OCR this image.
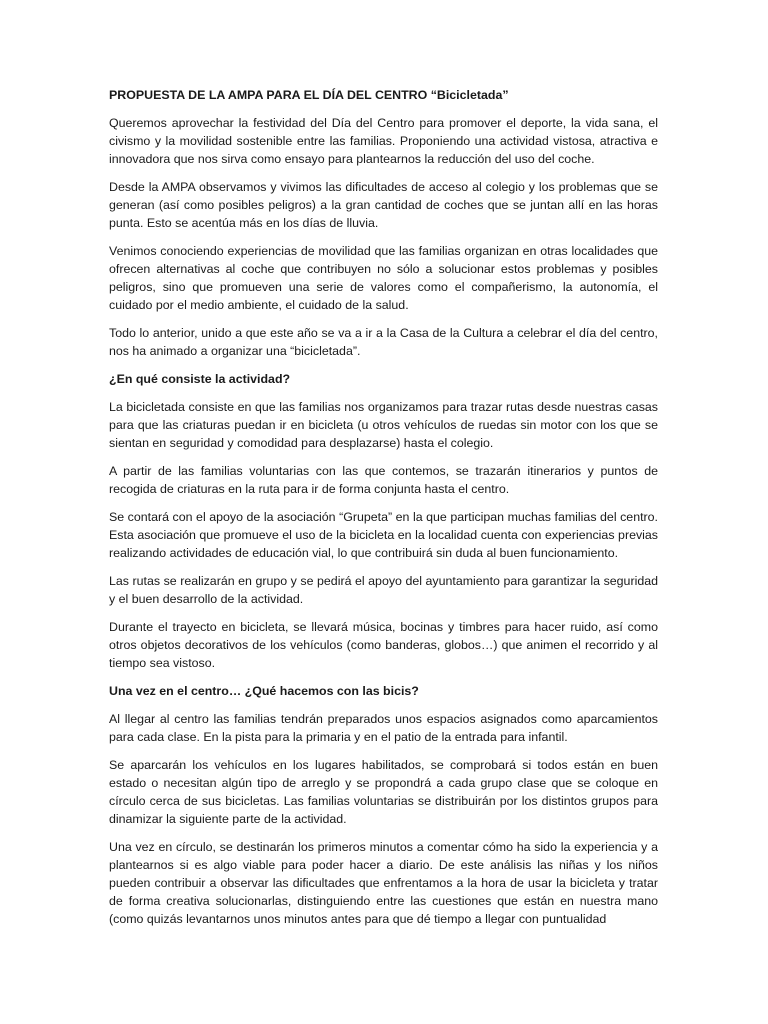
PROPUESTA DE LA AMPA PARA EL DÍA DEL CENTRO “Bicicletada”

Queremos aprovechar la festividad del Día del Centro para promover el deporte, la vida sana, el civismo y la movilidad sostenible entre las familias. Proponiendo una actividad vistosa, atractiva e innovadora que nos sirva como ensayo para plantearnos la reducción del uso del coche.

Desde la AMPA observamos y vivimos las dificultades de acceso al colegio y los problemas que se generan (así como posibles peligros) a la gran cantidad de coches que se juntan allí en las horas punta. Esto se acentúa más en los días de lluvia.

Venimos conociendo experiencias de movilidad que las familias organizan en otras localidades que ofrecen alternativas al coche que contribuyen no sólo a solucionar estos problemas y posibles peligros, sino que promueven una serie de valores como el compañerismo, la autonomía, el cuidado por el medio ambiente, el cuidado de la salud.

Todo lo anterior, unido a que este año se va a ir a la Casa de la Cultura a celebrar el día del centro, nos ha animado a organizar una “bicicletada”.

¿En qué consiste la actividad?

La bicicletada consiste en que las familias nos organizamos para trazar rutas desde nuestras casas para que las criaturas puedan ir en bicicleta (u otros vehículos de ruedas sin motor con los que se sientan en seguridad y comodidad para desplazarse) hasta el colegio.

A partir de las familias voluntarias con las que contemos, se trazarán itinerarios y puntos de recogida de criaturas en la ruta para ir de forma conjunta hasta el centro.

Se contará con el apoyo de la asociación “Grupeta” en la que participan muchas familias del centro. Esta asociación que promueve el uso de la bicicleta en la localidad cuenta con experiencias previas realizando actividades de educación vial, lo que contribuirá sin duda al buen funcionamiento.

Las rutas se realizarán en grupo y se pedirá el apoyo del ayuntamiento para garantizar la seguridad y el buen desarrollo de la actividad.

Durante el trayecto en bicicleta, se llevará música, bocinas y timbres para hacer ruido, así como otros objetos decorativos de los vehículos (como banderas, globos…) que animen el recorrido y al tiempo sea vistoso.

Una vez en el centro… ¿Qué hacemos con las bicis?

Al llegar al centro las familias tendrán preparados unos espacios asignados como aparcamientos para cada clase. En la pista para la primaria y en el patio de la entrada para infantil.

Se aparcarán los vehículos en los lugares habilitados, se comprobará si todos están en buen estado o necesitan algún tipo de arreglo y se propondrá a cada grupo clase que se coloque en círculo cerca de sus bicicletas. Las familias voluntarias se distribuirán por los distintos grupos para dinamizar la siguiente parte de la actividad.

Una vez en círculo, se destinarán los primeros minutos a comentar cómo ha sido la experiencia y a plantearnos si es algo viable para poder hacer a diario. De este análisis las niñas y los niños pueden contribuir a observar las dificultades que enfrentamos a la hora de usar la bicicleta y tratar de forma creativa solucionarlas, distinguiendo entre las cuestiones que están en nuestra mano (como quizás levantarnos unos minutos antes para que dé tiempo a llegar con puntualidad
